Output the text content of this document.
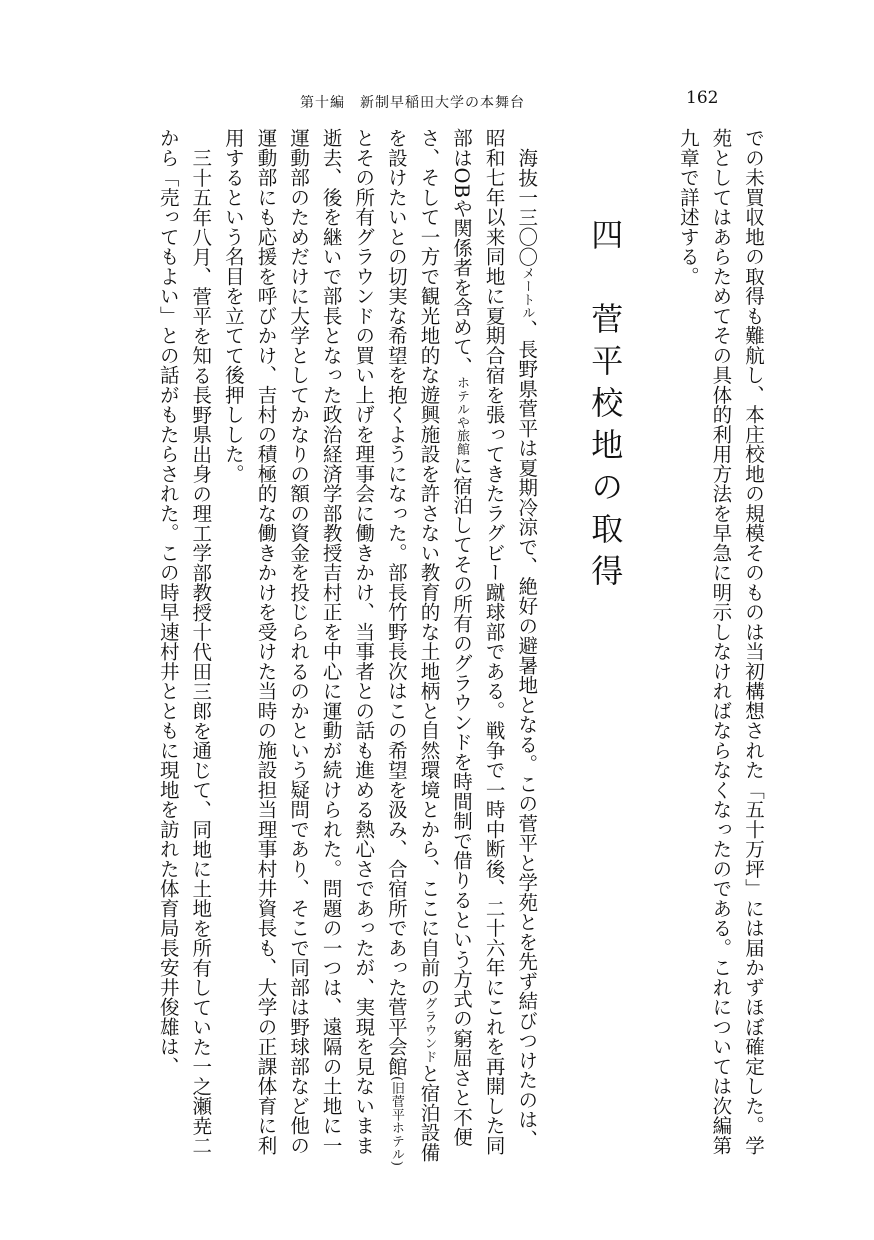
第十編　新制早稲田大学の本舞台	162

での未買収地の取得も難航し、本庄校地の規模そのものは当初構想された「五十万坪」には届かずほぼ確定した。学苑としてはあらためてその具体的利用方法を早急に明示しなければならなくなったのである。これについては次編第九章で詳述する。

四　菅平校地の取得

海抜一三〇〇メートル、長野県菅平は夏期冷涼で、絶好の避暑地となる。この菅平と学苑とを先ず結びつけたのは、昭和七年以来同地に夏期合宿を張ってきたラグビー蹴球部である。戦争で一時中断後、二十六年にこれを再開した同部はOBや関係者を含めて、ホテルや旅館に宿泊してその所有のグラウンドを時間制で借りるという方式の窮屈さと不便さ、そして一方で観光地的な遊興施設を許さない教育的な土地柄と自然環境とから、ここに自前のグラウンドと宿泊設備を設けたいとの切実な希望を抱くようになった。部長竹野長次はこの希望を汲み、合宿所であった菅平会館(旧菅平ホテル)とその所有グラウンドの買い上げを理事会に働きかけ、当事者との話も進める熱心さであったが、実現を見ないまま逝去、後を継いで部長となった政治経済学部教授吉村正を中心に運動が続けられた。問題の一つは、遠隔の土地に一運動部のためだけに大学としてかなりの額の資金を投じられるのかという疑問であり、そこで同部は野球部など他の運動部にも応援を呼びかけ、吉村の積極的な働きかけを受けた当時の施設担当理事村井資長も、大学の正課体育に利用するという名目を立てて後押しした。

三十五年八月、菅平を知る長野県出身の理工学部教授十代田三郎を通じて、同地に土地を所有していた一之瀬尭二から「売ってもよい」との話がもたらされた。この時早速村井とともに現地を訪れた体育局長安井俊雄は、
